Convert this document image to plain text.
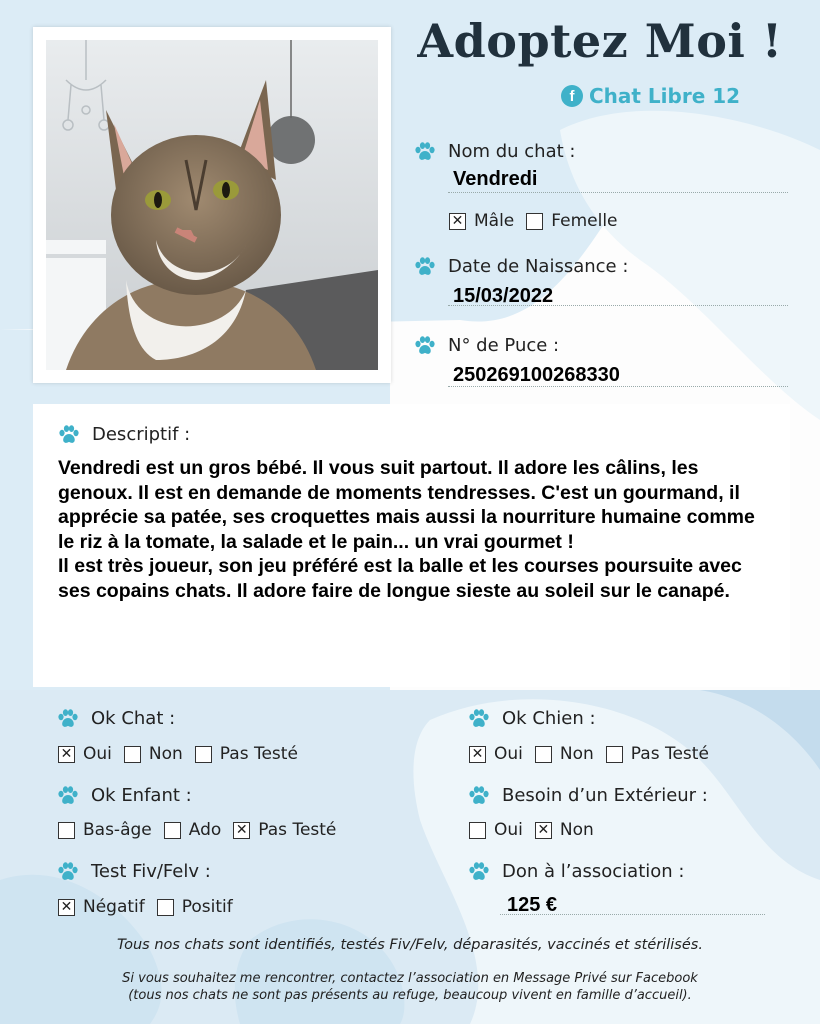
Adoptez Moi !
f Chat Libre 12
Nom du chat :
Vendredi
✕ Mâle Femelle
Date de Naissance :
15/03/2022
N° de Puce :
250269100268330
Descriptif :
Vendredi est un gros bébé. Il vous suit partout. Il adore les câlins, les genoux. Il est en demande de moments tendresses. C'est un gourmand, il apprécie sa patée, ses croquettes mais aussi la nourriture humaine comme le riz à la tomate, la salade et le pain... un vrai gourmet !
Il est très joueur, son jeu préféré est la balle et les courses poursuite avec ses copains chats. Il adore faire de longue sieste au soleil sur le canapé.
Ok Chat :
✕ Oui Non Pas Testé
Ok Chien :
✕ Oui Non Pas Testé
Ok Enfant :
Bas-âge Ado ✕ Pas Testé
Besoin d’un Extérieur :
Oui ✕ Non
Test Fiv/Felv :
✕ Négatif Positif
Don à l’association :
125 €
Tous nos chats sont identifiés, testés Fiv/Felv, déparasités, vaccinés et stérilisés.
Si vous souhaitez me rencontrer, contactez l’association en Message Privé sur Facebook
(tous nos chats ne sont pas présents au refuge, beaucoup vivent en famille d’accueil).
